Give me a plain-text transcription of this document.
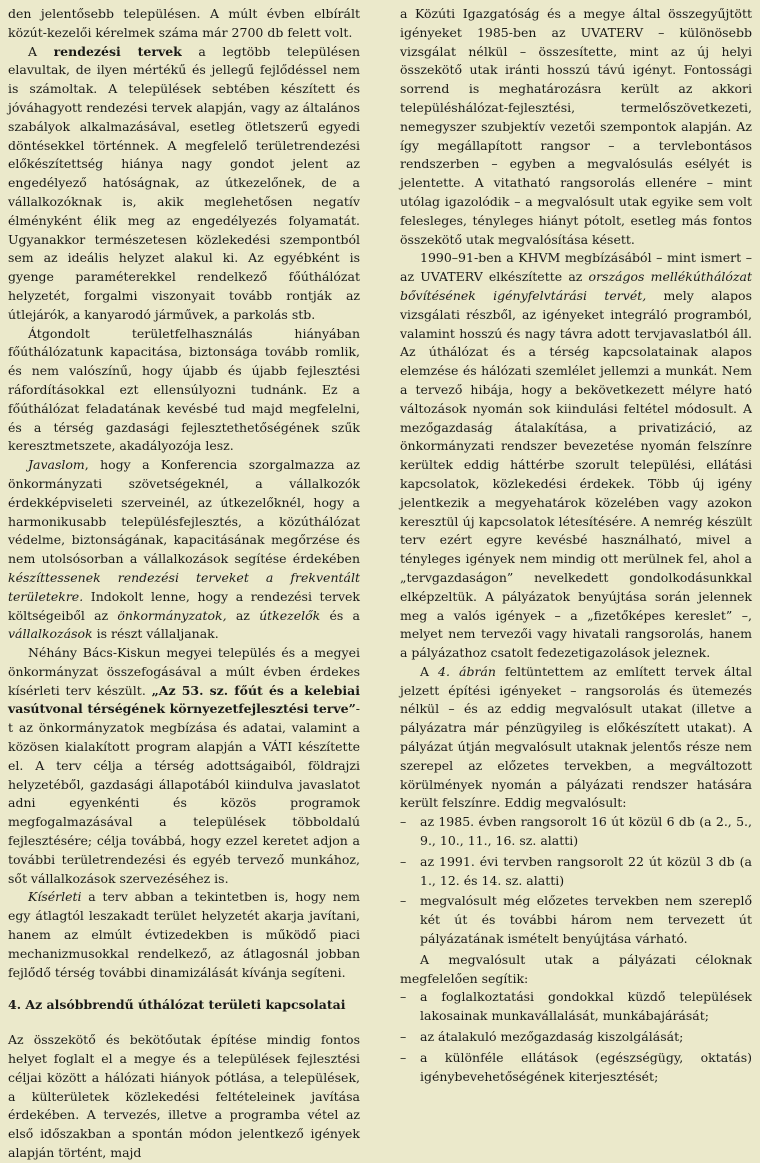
den jelentősebb településen. A múlt évben elbírált közút-kezelői kérelmek száma már 2700 db felett volt.

A rendezési tervek a legtöbb településen elavultak, de ilyen mértékű és jellegű fejlődéssel nem is számoltak. A települések sebtében készített és jóváhagyott rendezési tervek alapján, vagy az általános szabályok alkalmazásával, esetleg ötletszerű egyedi döntésekkel történnek. A megfelelő területrendezési előkészítettség hiánya nagy gondot jelent az engedélyező hatóságnak, az útkezelőnek, de a vállalkozóknak is, akik meglehetősen negatív élményként élik meg az engedélyezés folyamatát. Ugyanakkor természetesen közlekedési szempontból sem az ideális helyzet alakul ki. Az egyébként is gyenge paraméterekkel rendelkező főúthálózat helyzetét, forgalmi viszonyait tovább rontják az útlejárók, a kanyarodó járművek, a parkolás stb.

Átgondolt területfelhasználás hiányában főúthálózatunk kapacitása, biztonsága tovább romlik, és nem valószínű, hogy újabb és újabb fejlesztési ráfordításokkal ezt ellensúlyozni tudnánk. Ez a főúthálózat feladatának kevésbé tud majd megfelelni, és a térség gazdasági fejlesztethetőségének szűk keresztmetszete, akadályozója lesz.

Javaslom, hogy a Konferencia szorgalmazza az önkormányzati szövetségeknél, a vállalkozók érdekképviseleti szerveinél, az útkezelőknél, hogy a harmonikusabb településfejlesztés, a közúthálózat védelme, biztonságának, kapacitásának megőrzése és nem utolsósorban a vállalkozások segítése érdekében készíttessenek rendezési terveket a frekventált területekre. Indokolt lenne, hogy a rendezési tervek költségeiből az önkormányzatok, az útkezelők és a vállalkozások is részt vállaljanak.

Néhány Bács-Kiskun megyei település és a megyei önkormányzat összefogásával a múlt évben érdekes kísérleti terv készült. „Az 53. sz. főút és a kelebiai vasútvonal térségének környezetfejlesztési terve”-t az önkormányzatok megbízása és adatai, valamint a közösen kialakított program alapján a VÁTI készítette el. A terv célja a térség adottságaiból, földrajzi helyzetéből, gazdasági állapotából kiindulva javaslatot adni egyenkénti és közös programok megfogalmazásával a települések többoldalú fejlesztésére; célja továbbá, hogy ezzel keretet adjon a további területrendezési és egyéb tervező munkához, sőt vállalkozások szervezéséhez is.

Kísérleti a terv abban a tekintetben is, hogy nem egy átlagtól leszakadt terület helyzetét akarja javítani, hanem az elmúlt évtizedekben is működő piaci mechanizmusokkal rendelkező, az átlagosnál jobban fejlődő térség további dinamizálását kívánja segíteni.

4. Az alsóbbrendű úthálózat területi kapcsolatai

Az összekötő és bekötőutak építése mindig fontos helyet foglalt el a megye és a települések fejlesztési céljai között a hálózati hiányok pótlása, a települések, a külterületek közlekedési feltételeinek javítása érdekében. A tervezés, illetve a programba vétel az első időszakban a spontán módon jelentkező igények alapján történt, majd

a Közúti Igazgatóság és a megye által összegyűjtött igényeket 1985-ben az UVATERV – különösebb vizsgálat nélkül – összesítette, mint az új helyi összekötő utak iránti hosszú távú igényt. Fontossági sorrend is meghatározásra került az akkori településhálózat-fejlesztési, termelőszövetkezeti, nemegyszer szubjektív vezetői szempontok alapján. Az így megállapított rangsor – a tervlebontásos rendszerben – egyben a megvalósulás esélyét is jelentette. A vitatható rangsorolás ellenére – mint utólag igazolódik – a megvalósult utak egyike sem volt felesleges, tényleges hiányt pótolt, esetleg más fontos összekötő utak megvalósítása késett.

1990–91-ben a KHVM megbízásából – mint ismert – az UVATERV elkészítette az országos mellékúthálózat bővítésének igényfelvtárási tervét, mely alapos vizsgálati részből, az igényeket integráló programból, valamint hosszú és nagy távra adott tervjavaslatból áll. Az úthálózat és a térség kapcsolatainak alapos elemzése és hálózati szemlélet jellemzi a munkát. Nem a tervező hibája, hogy a bekövetkezett mélyre ható változások nyomán sok kiindulási feltétel módosult. A mezőgazdaság átalakítása, a privatizáció, az önkormányzati rendszer bevezetése nyomán felszínre kerültek eddig háttérbe szorult települési, ellátási kapcsolatok, közlekedési érdekek. Több új igény jelentkezik a megyehatárok közelében vagy azokon keresztül új kapcsolatok létesítésére. A nemrég készült terv ezért egyre kevésbé használható, mivel a tényleges igények nem mindig ott merülnek fel, ahol a „tervgazdaságon” nevelkedett gondolkodásunkkal elképzeltük. A pályázatok benyújtása során jelennek meg a valós igények – a „fizetőképes kereslet” –, melyet nem tervezői vagy hivatali rangsorolás, hanem a pályázathoz csatolt fedezetigazolások jeleznek.

A 4. ábrán feltüntettem az említett tervek által jelzett építési igényeket – rangsorolás és ütemezés nélkül – és az eddig megvalósult utakat (illetve a pályázatra már pénzügyileg is előkészített utakat). A pályázat útján megvalósult utaknak jelentős része nem szerepel az előzetes tervekben, a megváltozott körülmények nyomán a pályázati rendszer hatására került felszínre. Eddig megvalósult:

– az 1985. évben rangsorolt 16 út közül 6 db (a 2., 5., 9., 10., 11., 16. sz. alatti)
– az 1991. évi tervben rangsorolt 22 út közül 3 db (a 1., 12. és 14. sz. alatti)
– megvalósult még előzetes tervekben nem szereplő két út és további három nem tervezett út pályázatának ismételt benyújtása várható.

A megvalósult utak a pályázati céloknak megfelelően segítik:

– a foglalkoztatási gondokkal küzdő települések lakosainak munkavállalását, munkábajárását;
– az átalakuló mezőgazdaság kiszolgálását;
– a különféle ellátások (egészségügy, oktatás) igénybevehetőségének kiterjesztését;
